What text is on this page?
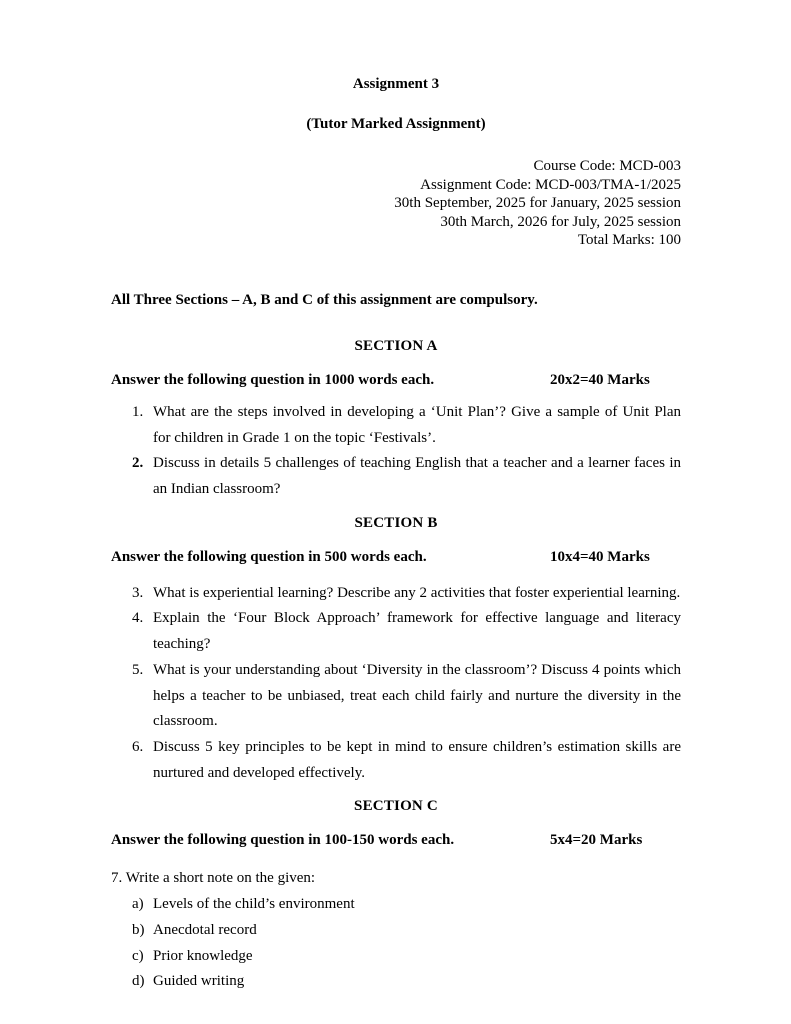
Assignment 3
(Tutor Marked Assignment)
Course Code: MCD-003
Assignment Code: MCD-003/TMA-1/2025
30th September, 2025 for January, 2025 session
30th March, 2026 for July, 2025 session
Total Marks: 100
All Three Sections – A, B and C of this assignment are compulsory.
SECTION A
Answer the following question in 1000 words each.	20x2=40 Marks
1. What are the steps involved in developing a ‘Unit Plan’? Give a sample of Unit Plan for children in Grade 1 on the topic ‘Festivals’.
2. Discuss in details 5 challenges of teaching English that a teacher and a learner faces in an Indian classroom?
SECTION B
Answer the following question in 500 words each.	10x4=40 Marks
3. What is experiential learning? Describe any 2 activities that foster experiential learning.
4. Explain the ‘Four Block Approach’ framework for effective language and literacy teaching?
5. What is your understanding about ‘Diversity in the classroom’? Discuss 4 points which helps a teacher to be unbiased, treat each child fairly and nurture the diversity in the classroom.
6. Discuss 5 key principles to be kept in mind to ensure children’s estimation skills are nurtured and developed effectively.
SECTION C
Answer the following question in 100-150 words each.	5x4=20 Marks
7. Write a short note on the given:
a) Levels of the child’s environment
b) Anecdotal record
c) Prior knowledge
d) Guided writing
